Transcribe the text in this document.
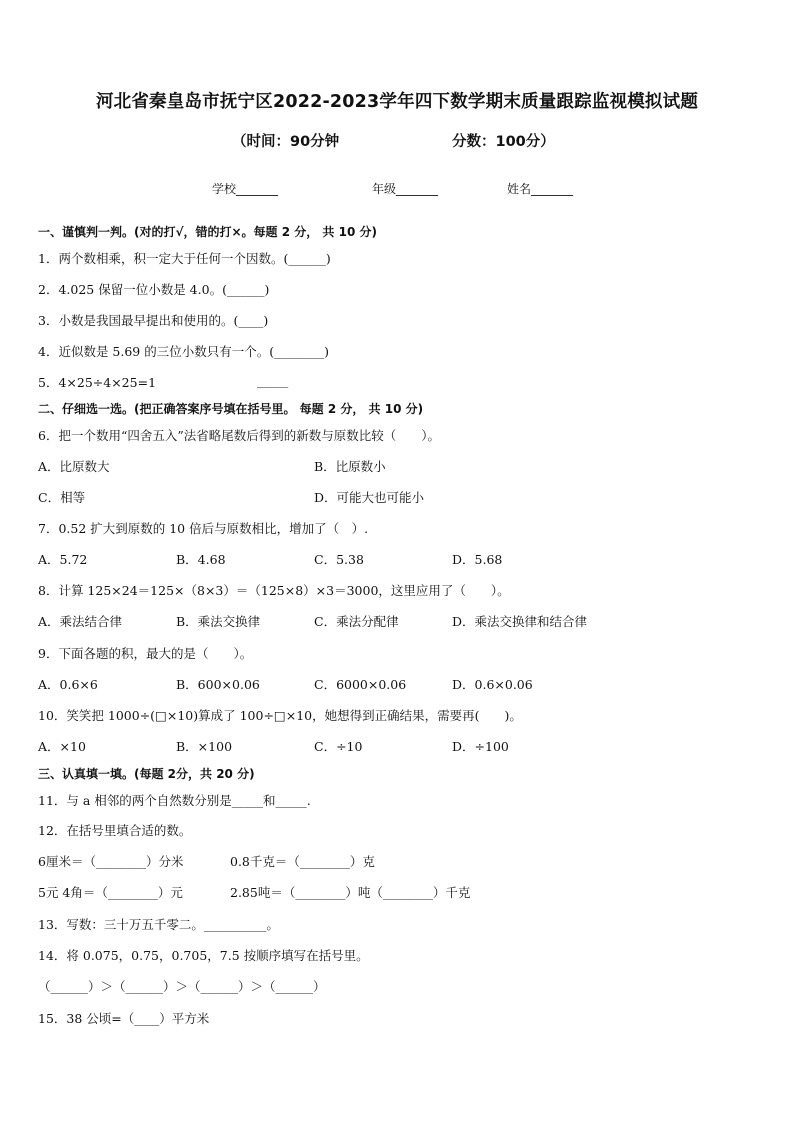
河北省秦皇岛市抚宁区2022-2023学年四下数学期末质量跟踪监视模拟试题
（时间：90分钟	分数：100分）
学校_______	年级_______	姓名_______
一、谨慎判一判。(对的打√，错的打×。每题 2 分， 共 10 分)
1．两个数相乘，积一定大于任何一个因数。(______)
2．4.025 保留一位小数是 4.0。(______)
3．小数是我国最早提出和使用的。(____)
4．近似数是 5.69 的三位小数只有一个。(________)
5．4×25÷4×25=1	_____
二、仔细选一选。(把正确答案序号填在括号里。 每题 2 分， 共 10 分)
6．把一个数用“四舍五入”法省略尾数后得到的新数与原数比较（　　）。
A．比原数大	B．比原数小
C．相等	D．可能大也可能小
7．0.52 扩大到原数的 10 倍后与原数相比，增加了（　）.
A．5.72	B．4.68	C．5.38	D．5.68
8．计算 125×24＝125×（8×3）＝（125×8）×3＝3000，这里应用了（　　）。
A．乘法结合律	B．乘法交换律	C．乘法分配律	D．乘法交换律和结合律
9．下面各题的积，最大的是（　　）。
A．0.6×6	B．600×0.06	C．6000×0.06	D．0.6×0.06
10．笑笑把 1000÷(□×10)算成了 100÷□×10，她想得到正确结果，需要再(　　)。
A．×10	B．×100	C．÷10	D．÷100
三、认真填一填。(每题 2分，共 20 分)
11．与 a 相邻的两个自然数分别是_____和_____.
12．在括号里填合适的数。
6厘米＝（________）分米	0.8千克＝（________）克
5元 4角＝（________）元	2.85吨＝（________）吨（________）千克
13．写数：三十万五千零二。__________。
14．将 0.075，0.75，0.705，7.5 按顺序填写在括号里。
（______）＞（______）＞（______）＞（______）
15．38 公顷=（____）平方米
